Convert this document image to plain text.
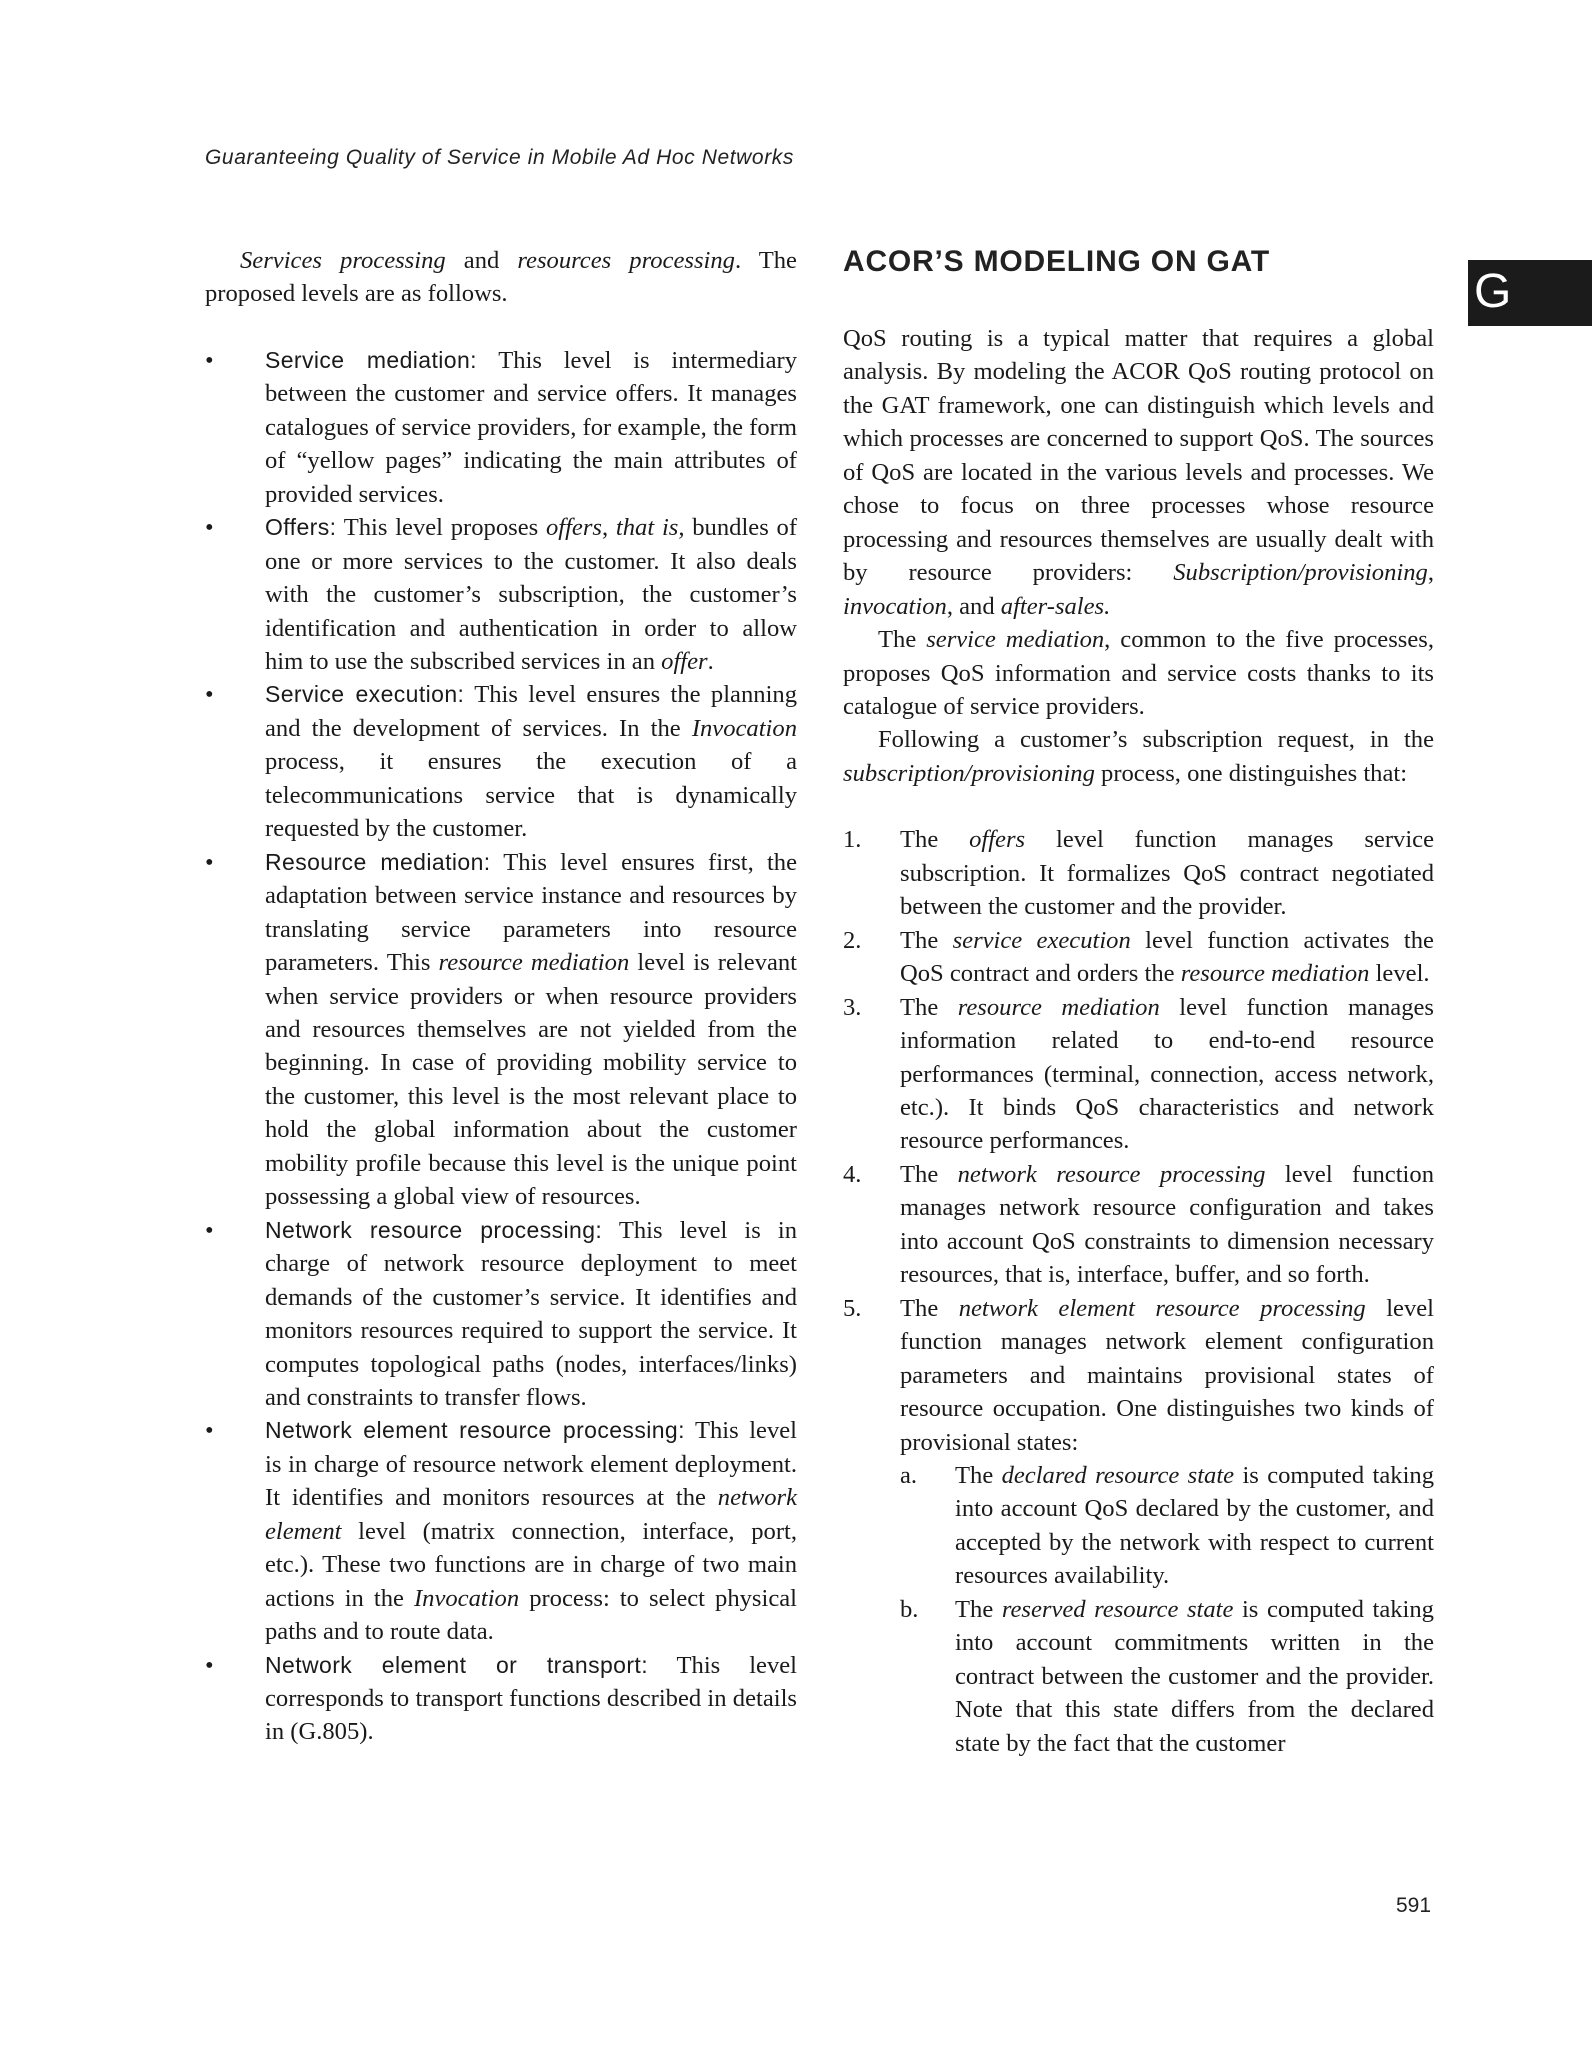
Guaranteeing Quality of Service in Mobile Ad Hoc Networks
G

Services processing and resources processing. The proposed levels are as follows.

• Service mediation: This level is intermediary between the customer and service offers. It manages catalogues of service providers, for example, the form of “yellow pages” indicating the main attributes of provided services.
• Offers: This level proposes offers, that is, bundles of one or more services to the customer. It also deals with the customer’s subscription, the customer’s identification and authentication in order to allow him to use the subscribed services in an offer.
• Service execution: This level ensures the planning and the development of services. In the Invocation process, it ensures the execution of a telecommunications service that is dynamically requested by the customer.
• Resource mediation: This level ensures first, the adaptation between service instance and resources by translating service parameters into resource parameters. This resource mediation level is relevant when service providers or when resource providers and resources themselves are not yielded from the beginning. In case of providing mobility service to the customer, this level is the most relevant place to hold the global information about the customer mobility profile because this level is the unique point possessing a global view of resources.
• Network resource processing: This level is in charge of network resource deployment to meet demands of the customer’s service. It identifies and monitors resources required to support the service. It computes topological paths (nodes, interfaces/links) and constraints to transfer flows.
• Network element resource processing: This level is in charge of resource network element deployment. It identifies and monitors resources at the network element level (matrix connection, interface, port, etc.). These two functions are in charge of two main actions in the Invocation process: to select physical paths and to route data.
• Network element or transport: This level corresponds to transport functions described in details in (G.805).
ACOR’S MODELING ON GAT

QoS routing is a typical matter that requires a global analysis. By modeling the ACOR QoS routing protocol on the GAT framework, one can distinguish which levels and which processes are concerned to support QoS. The sources of QoS are located in the various levels and processes. We chose to focus on three processes whose resource processing and resources themselves are usually dealt with by resource providers: Subscription/provisioning, invocation, and after-sales.

The service mediation, common to the five processes, proposes QoS information and service costs thanks to its catalogue of service providers.

Following a customer’s subscription request, in the subscription/provisioning process, one distinguishes that:

1. The offers level function manages service subscription. It formalizes QoS contract negotiated between the customer and the provider.
2. The service execution level function activates the QoS contract and orders the resource mediation level.
3. The resource mediation level function manages information related to end-to-end resource performances (terminal, connection, access network, etc.). It binds QoS characteristics and network resource performances.
4. The network resource processing level function manages network resource configuration and takes into account QoS constraints to dimension necessary resources, that is, interface, buffer, and so forth.
5. The network element resource processing level function manages network element configuration parameters and maintains provisional states of resource occupation. One distinguishes two kinds of provisional states:
a. The declared resource state is computed taking into account QoS declared by the customer, and accepted by the network with respect to current resources availability.
b. The reserved resource state is computed taking into account commitments written in the contract between the customer and the provider. Note that this state differs from the declared state by the fact that the customer
591
